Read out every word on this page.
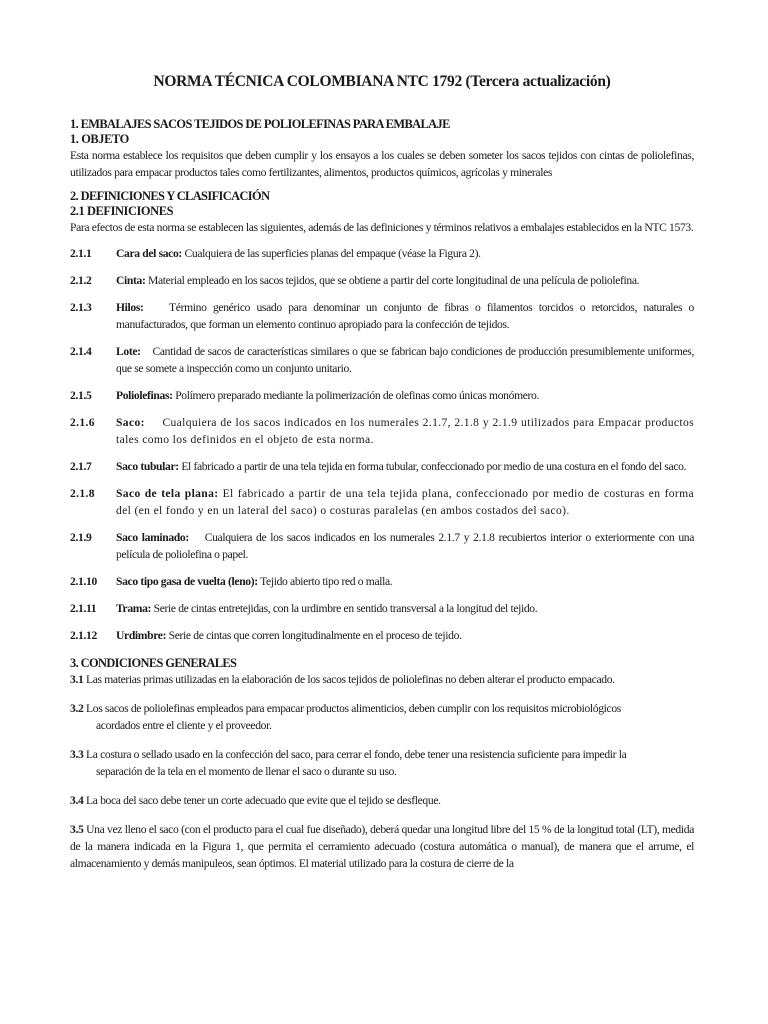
NORMA TÉCNICA COLOMBIANA NTC 1792 (Tercera actualización)
1. EMBALAJES SACOS TEJIDOS DE POLIOLEFINAS PARA EMBALAJE
1. OBJETO
Esta norma establece los requisitos que deben cumplir y los ensayos a los cuales se deben someter los sacos tejidos con cintas de poliolefinas, utilizados para empacar productos tales como fertilizantes, alimentos, productos químicos, agrícolas y minerales
2. DEFINICIONES Y CLASIFICACIÓN
2.1 DEFINICIONES
Para efectos de esta norma se establecen las siguientes, además de las definiciones y términos relativos a embalajes establecidos en la NTC 1573.
2.1.1	Cara del saco: Cualquiera de las superficies planas del empaque (véase la Figura 2).
2.1.2	Cinta: Material empleado en los sacos tejidos, que se obtiene a partir del corte longitudinal de una película de poliolefina.
2.1.3	Hilos: Término genérico usado para denominar un conjunto de fibras o filamentos torcidos o retorcidos, naturales o manufacturados, que forman un elemento continuo apropiado para la confección de tejidos.
2.1.4	Lote: Cantidad de sacos de características similares o que se fabrican bajo condiciones de producción presumiblemente uniformes, que se somete a inspección como un conjunto unitario.
2.1.5	Poliolefinas: Polímero preparado mediante la polimerización de olefinas como únicas monómero.
2.1.6	Saco: Cualquiera de los sacos indicados en los numerales 2.1.7, 2.1.8 y 2.1.9 utilizados para Empacar productos tales como los definidos en el objeto de esta norma.
2.1.7	Saco tubular: El fabricado a partir de una tela tejida en forma tubular, confeccionado por medio de una costura en el fondo del saco.
2.1.8	Saco de tela plana: El fabricado a partir de una tela tejida plana, confeccionado por medio de costuras en forma del (en el fondo y en un lateral del saco) o costuras paralelas (en ambos costados del saco).
2.1.9	Saco laminado: Cualquiera de los sacos indicados en los numerales 2.1.7 y 2.1.8 recubiertos interior o exteriormente con una película de poliolefina o papel.
2.1.10	Saco tipo gasa de vuelta (leno): Tejido abierto tipo red o malla.
2.1.11	Trama: Serie de cintas entretejidas, con la urdimbre en sentido transversal a la longitud del tejido.
2.1.12	Urdimbre: Serie de cintas que corren longitudinalmente en el proceso de tejido.
3. CONDICIONES GENERALES
3.1 Las materias primas utilizadas en la elaboración de los sacos tejidos de poliolefinas no deben alterar el producto empacado.
3.2 Los sacos de poliolefinas empleados para empacar productos alimenticios, deben cumplir con los requisitos microbiológicos
acordados entre el cliente y el proveedor.
3.3 La costura o sellado usado en la confección del saco, para cerrar el fondo, debe tener una resistencia suficiente para impedir la
separación de la tela en el momento de llenar el saco o durante su uso.
3.4 La boca del saco debe tener un corte adecuado que evite que el tejido se desfleque.
3.5 Una vez lleno el saco (con el producto para el cual fue diseñado), deberá quedar una longitud libre del 15 % de la longitud total (LT), medida de la manera indicada en la Figura 1, que permita el cerramiento adecuado (costura automática o manual), de manera que el arrume, el almacenamiento y demás manipuleos, sean óptimos. El material utilizado para la costura de cierre de la
